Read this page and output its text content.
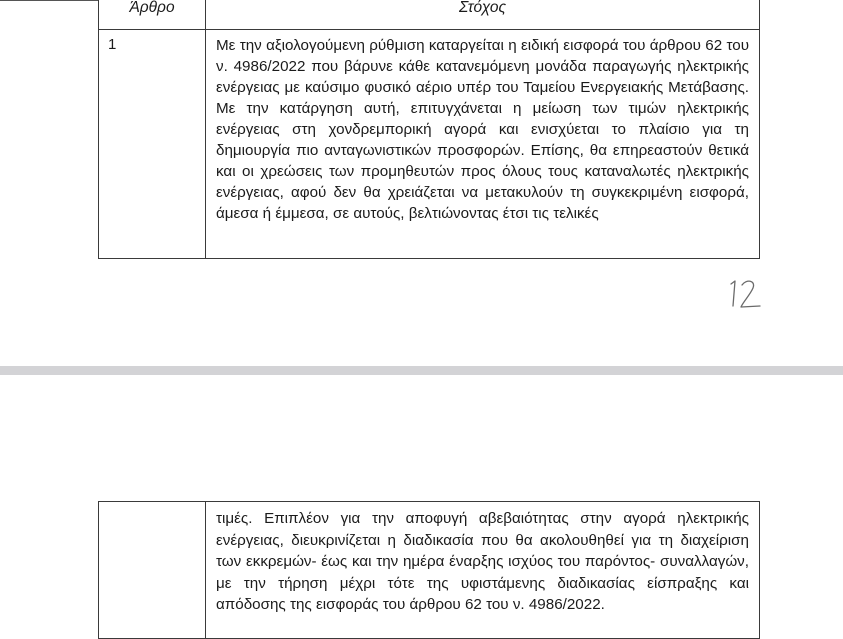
Άρθρο	Στόχος
1	Με την αξιολογούμενη ρύθμιση καταργείται η ειδική εισφορά του άρθρου 62 του ν. 4986/2022 που βάρυνε κάθε κατανεμόμενη μονάδα παραγωγής ηλεκτρικής ενέργειας με καύσιμο φυσικό αέριο υπέρ του Ταμείου Ενεργειακής Μετάβασης. Με την κατάργηση αυτή, επιτυγχάνεται η μείωση των τιμών ηλεκτρικής ενέργειας στη χονδρεμπορική αγορά και ενισχύεται το πλαίσιο για τη δημιουργία πιο ανταγωνιστικών προσφορών. Επίσης, θα επηρεαστούν θετικά και οι χρεώσεις των προμηθευτών προς όλους τους καταναλωτές ηλεκτρικής ενέργειας, αφού δεν θα χρειάζεται να μετακυλούν τη συγκεκριμένη εισφορά, άμεσα ή έμμεσα, σε αυτούς, βελτιώνοντας έτσι τις τελικές
	τιμές. Επιπλέον για την αποφυγή αβεβαιότητας στην αγορά ηλεκτρικής ενέργειας, διευκρινίζεται η διαδικασία που θα ακολουθηθεί για τη διαχείριση των εκκρεμών- έως και την ημέρα έναρξης ισχύος του παρόντος- συναλλαγών, με την τήρηση μέχρι τότε της υφιστάμενης διαδικασίας είσπραξης και απόδοσης της εισφοράς του άρθρου 62 του ν. 4986/2022.
